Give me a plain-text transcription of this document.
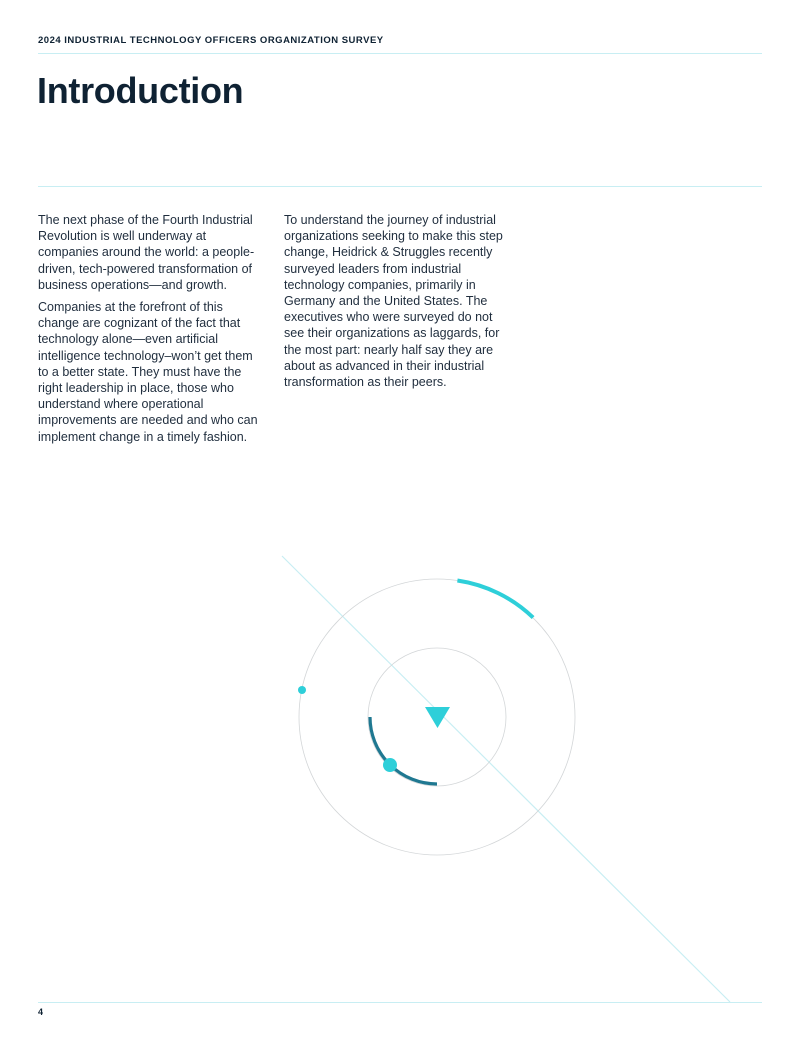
2024 INDUSTRIAL TECHNOLOGY OFFICERS ORGANIZATION SURVEY
Introduction

The next phase of the Fourth Industrial Revolution is well underway at companies around the world: a people-driven, tech-powered transformation of business operations—and growth.

Companies at the forefront of this change are cognizant of the fact that technology alone—even artificial intelligence technology–won’t get them to a better state. They must have the right leadership in place, those who understand where operational improvements are needed and who can implement change in a timely fashion.

To understand the journey of industrial organizations seeking to make this step change, Heidrick & Struggles recently surveyed leaders from industrial technology companies, primarily in Germany and the United States. The executives who were surveyed do not see their organizations as laggards, for the most part: nearly half say they are about as advanced in their industrial transformation as their peers.

4
